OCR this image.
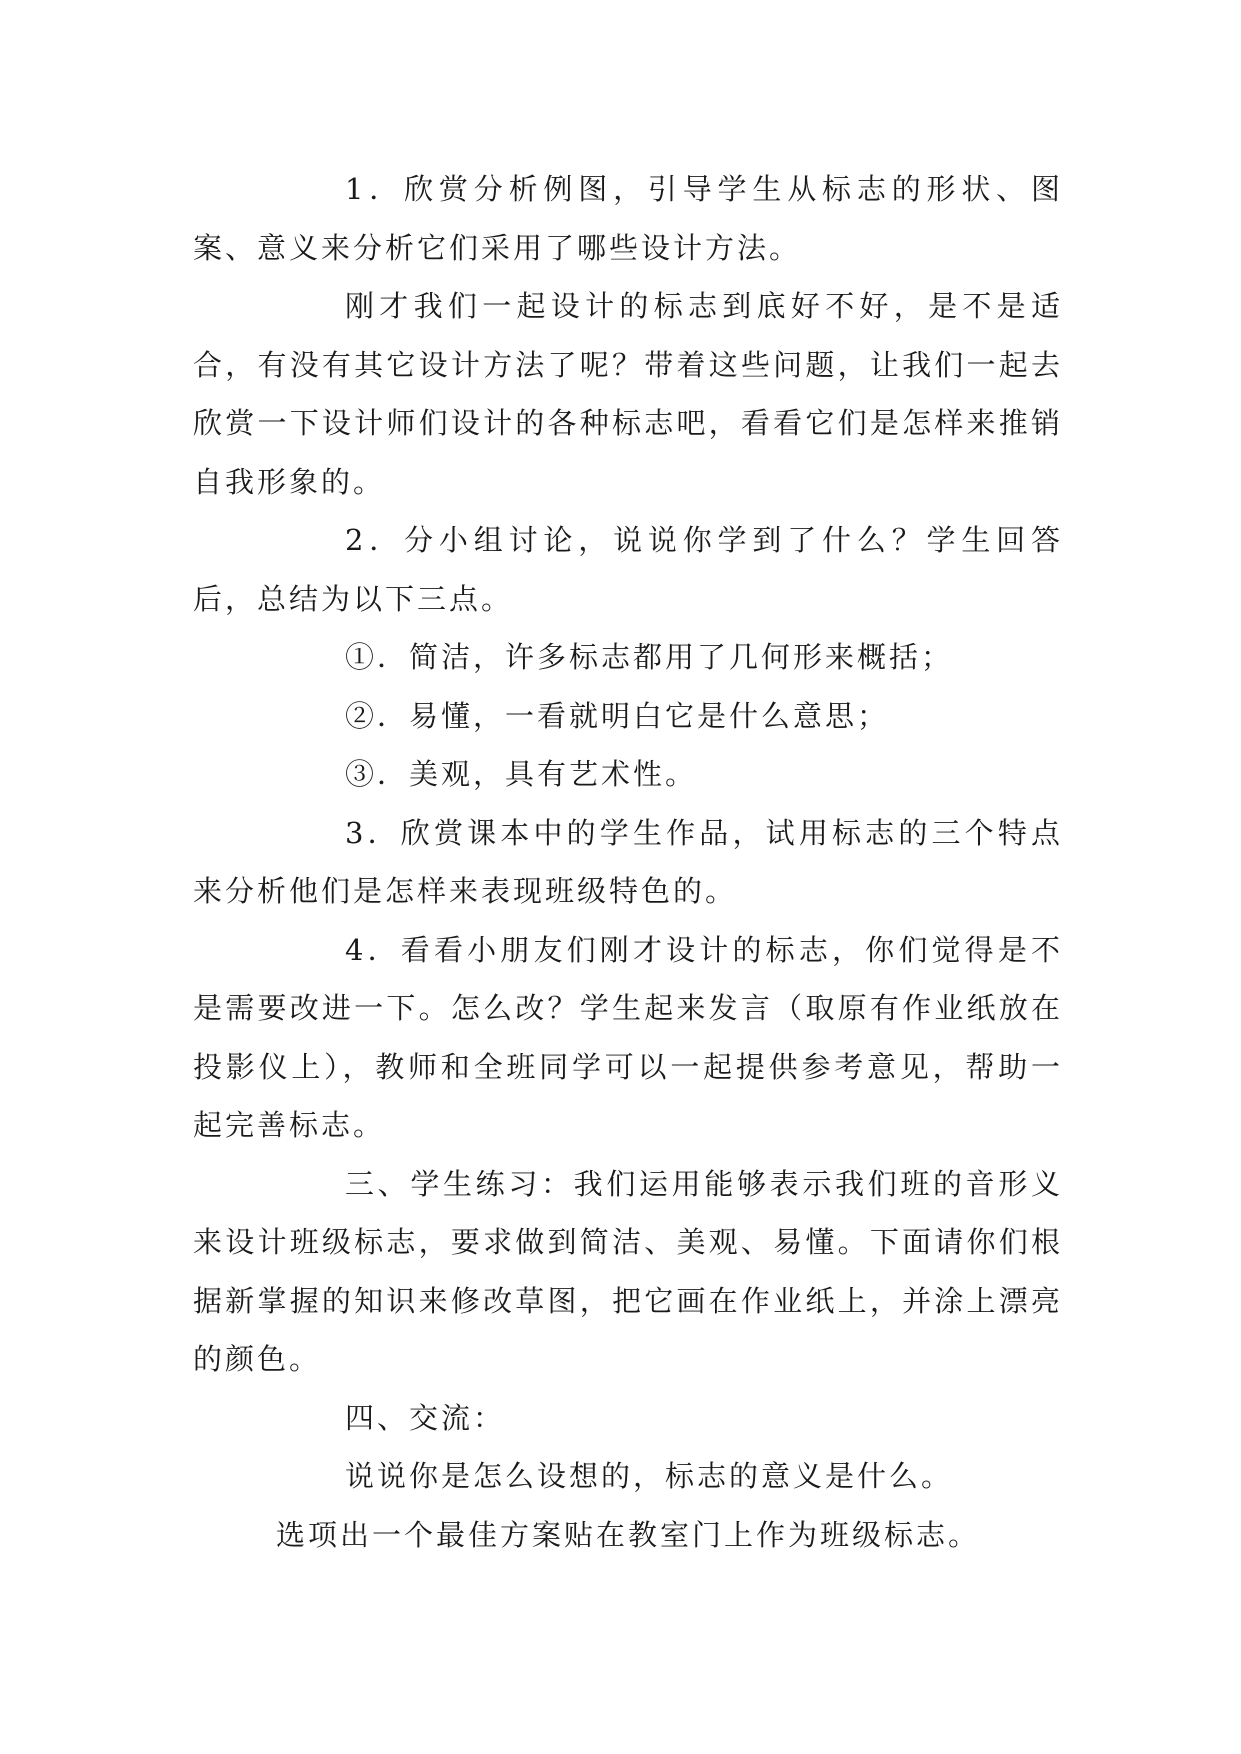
1．欣赏分析例图，引导学生从标志的形状、图案、意义来分析它们采用了哪些设计方法。

刚才我们一起设计的标志到底好不好，是不是适合，有没有其它设计方法了呢？带着这些问题，让我们一起去欣赏一下设计师们设计的各种标志吧，看看它们是怎样来推销自我形象的。

2．分小组讨论，说说你学到了什么？学生回答后，总结为以下三点。

①．简洁，许多标志都用了几何形来概括；

②．易懂，一看就明白它是什么意思；

③．美观，具有艺术性。

3．欣赏课本中的学生作品，试用标志的三个特点来分析他们是怎样来表现班级特色的。

4．看看小朋友们刚才设计的标志，你们觉得是不是需要改进一下。怎么改？学生起来发言（取原有作业纸放在投影仪上），教师和全班同学可以一起提供参考意见，帮助一起完善标志。

三、学生练习：我们运用能够表示我们班的音形义来设计班级标志，要求做到简洁、美观、易懂。下面请你们根据新掌握的知识来修改草图，把它画在作业纸上，并涂上漂亮的颜色。

四、交流：

说说你是怎么设想的，标志的意义是什么。

选项出一个最佳方案贴在教室门上作为班级标志。
